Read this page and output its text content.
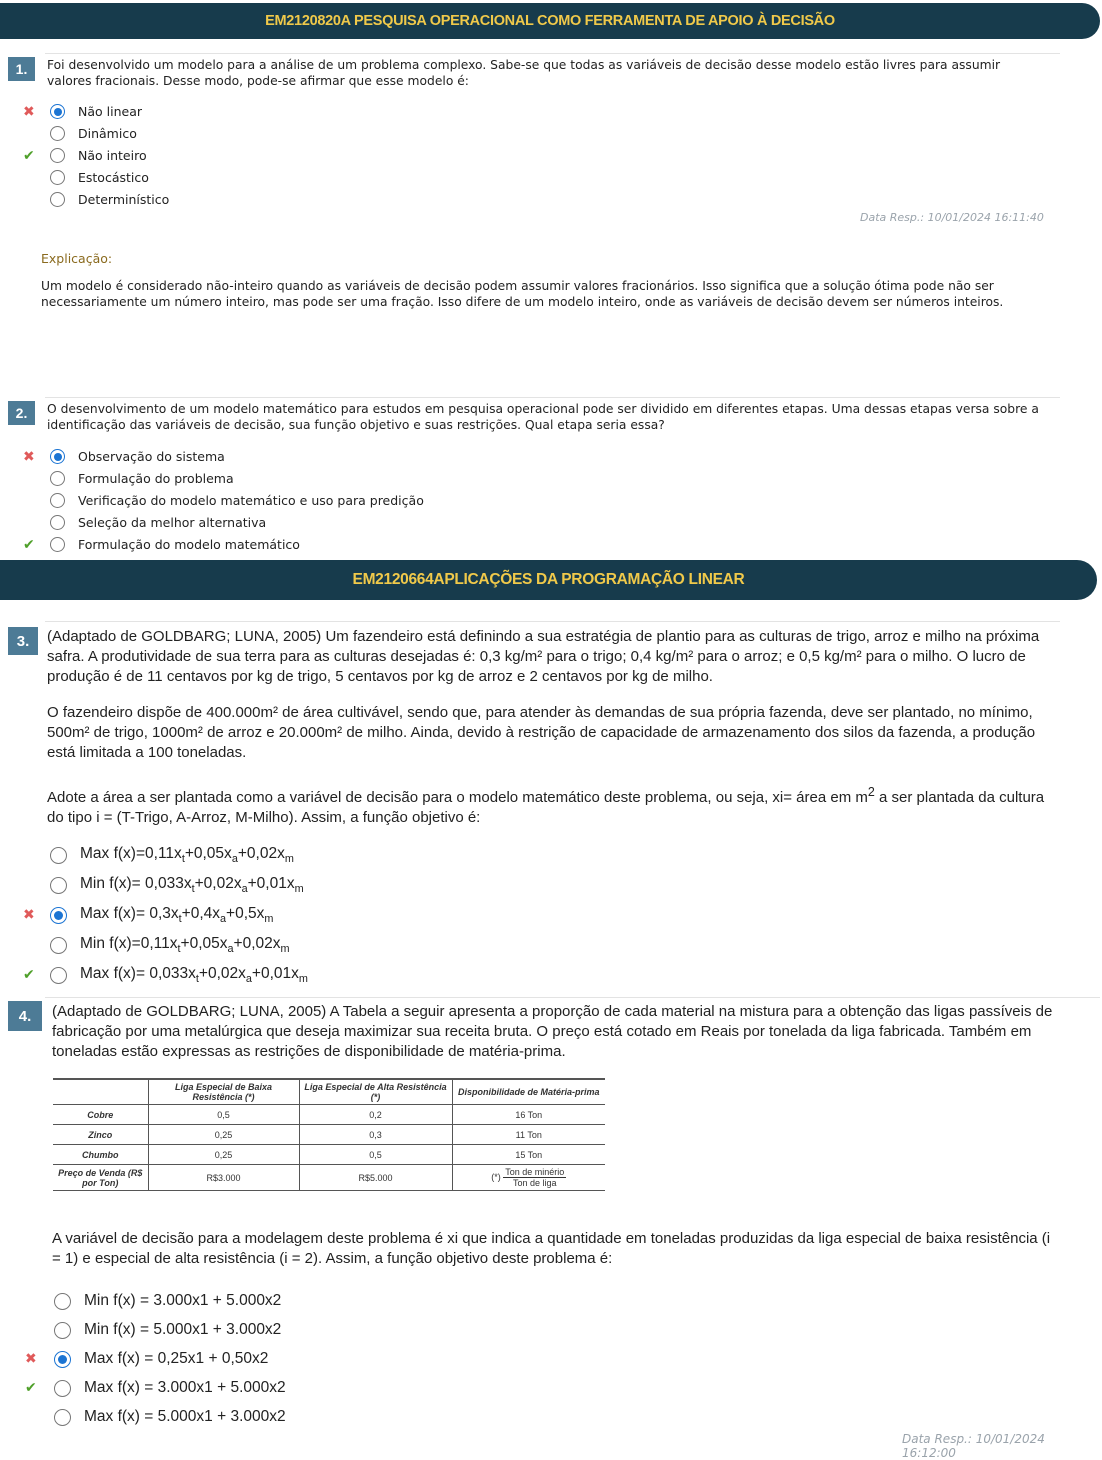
EM2120820A PESQUISA OPERACIONAL COMO FERRAMENTA DE APOIO À DECISÃO
1.	Foi desenvolvido um modelo para a análise de um problema complexo. Sabe-se que todas as variáveis de decisão desse modelo estão livres para assumir valores fracionais. Desse modo, pode-se afirmar que esse modelo é:
✖	Não linear
Dinâmico
✔	Não inteiro
Estocástico
Determinístico
Data Resp.: 10/01/2024 16:11:40
Explicação:
Um modelo é considerado não-inteiro quando as variáveis de decisão podem assumir valores fracionários. Isso significa que a solução ótima pode não ser necessariamente um número inteiro, mas pode ser uma fração. Isso difere de um modelo inteiro, onde as variáveis de decisão devem ser números inteiros.
2.	O desenvolvimento de um modelo matemático para estudos em pesquisa operacional pode ser dividido em diferentes etapas. Uma dessas etapas versa sobre a identificação das variáveis de decisão, sua função objetivo e suas restrições. Qual etapa seria essa?
✖	Observação do sistema
Formulação do problema
Verificação do modelo matemático e uso para predição
Seleção da melhor alternativa
✔	Formulação do modelo matemático
EM2120664APLICAÇÕES DA PROGRAMAÇÃO LINEAR
3.	(Adaptado de GOLDBARG; LUNA, 2005) Um fazendeiro está definindo a sua estratégia de plantio para as culturas de trigo, arroz e milho na próxima safra. A produtividade de sua terra para as culturas desejadas é: 0,3 kg/m² para o trigo; 0,4 kg/m² para o arroz; e 0,5 kg/m² para o milho. O lucro de produção é de 11 centavos por kg de trigo, 5 centavos por kg de arroz e 2 centavos por kg de milho.
O fazendeiro dispõe de 400.000m² de área cultivável, sendo que, para atender às demandas de sua própria fazenda, deve ser plantado, no mínimo, 500m² de trigo, 1000m² de arroz e 20.000m² de milho. Ainda, devido à restrição de capacidade de armazenamento dos silos da fazenda, a produção está limitada a 100 toneladas.
Adote a área a ser plantada como a variável de decisão para o modelo matemático deste problema, ou seja, xi= área em $m^2$ a ser plantada da cultura do tipo i = (T-Trigo, A-Arroz, M-Milho). Assim, a função objetivo é:
Max $f(x)=0,11x_t+0,05x_a+0,02x_m$
Min $f(x)= 0,033x_t+0,02x_a+0,01x_m$
✖	Max $f(x)= 0,3x_t+0,4x_a+0,5x_m$
Min $f(x)=0,11x_t+0,05x_a+0,02x_m$
✔	Max $f(x)= 0,033x_t+0,02x_a+0,01x_m$
4.	(Adaptado de GOLDBARG; LUNA, 2005) A Tabela a seguir apresenta a proporção de cada material na mistura para a obtenção das ligas passíveis de fabricação por uma metalúrgica que deseja maximizar sua receita bruta. O preço está cotado em Reais por tonelada da liga fabricada. Também em toneladas estão expressas as restrições de disponibilidade de matéria-prima.
	Liga Especial de Baixa Resistência (*)	Liga Especial de Alta Resistência (*)	Disponibilidade de Matéria-prima
Cobre	0,5	0,2	16 Ton
Zinco	0,25	0,3	11 Ton
Chumbo	0,25	0,5	15 Ton
Preço de Venda (R$ por Ton)	R$3.000	R$5.000	(*) $\frac{\text{Ton de minério}}{\text{Ton de liga}}$
A variável de decisão para a modelagem deste problema é xi que indica a quantidade em toneladas produzidas da liga especial de baixa resistência (i = 1) e especial de alta resistência (i = 2). Assim, a função objetivo deste problema é:
Min f(x) = 3.000x1 + 5.000x2
Min f(x) = 5.000x1 + 3.000x2
✖	Max f(x) = 0,25x1 + 0,50x2
✔	Max f(x) = 3.000x1 + 5.000x2
Max f(x) = 5.000x1 + 3.000x2
Data Resp.: 10/01/2024 16:12:00
